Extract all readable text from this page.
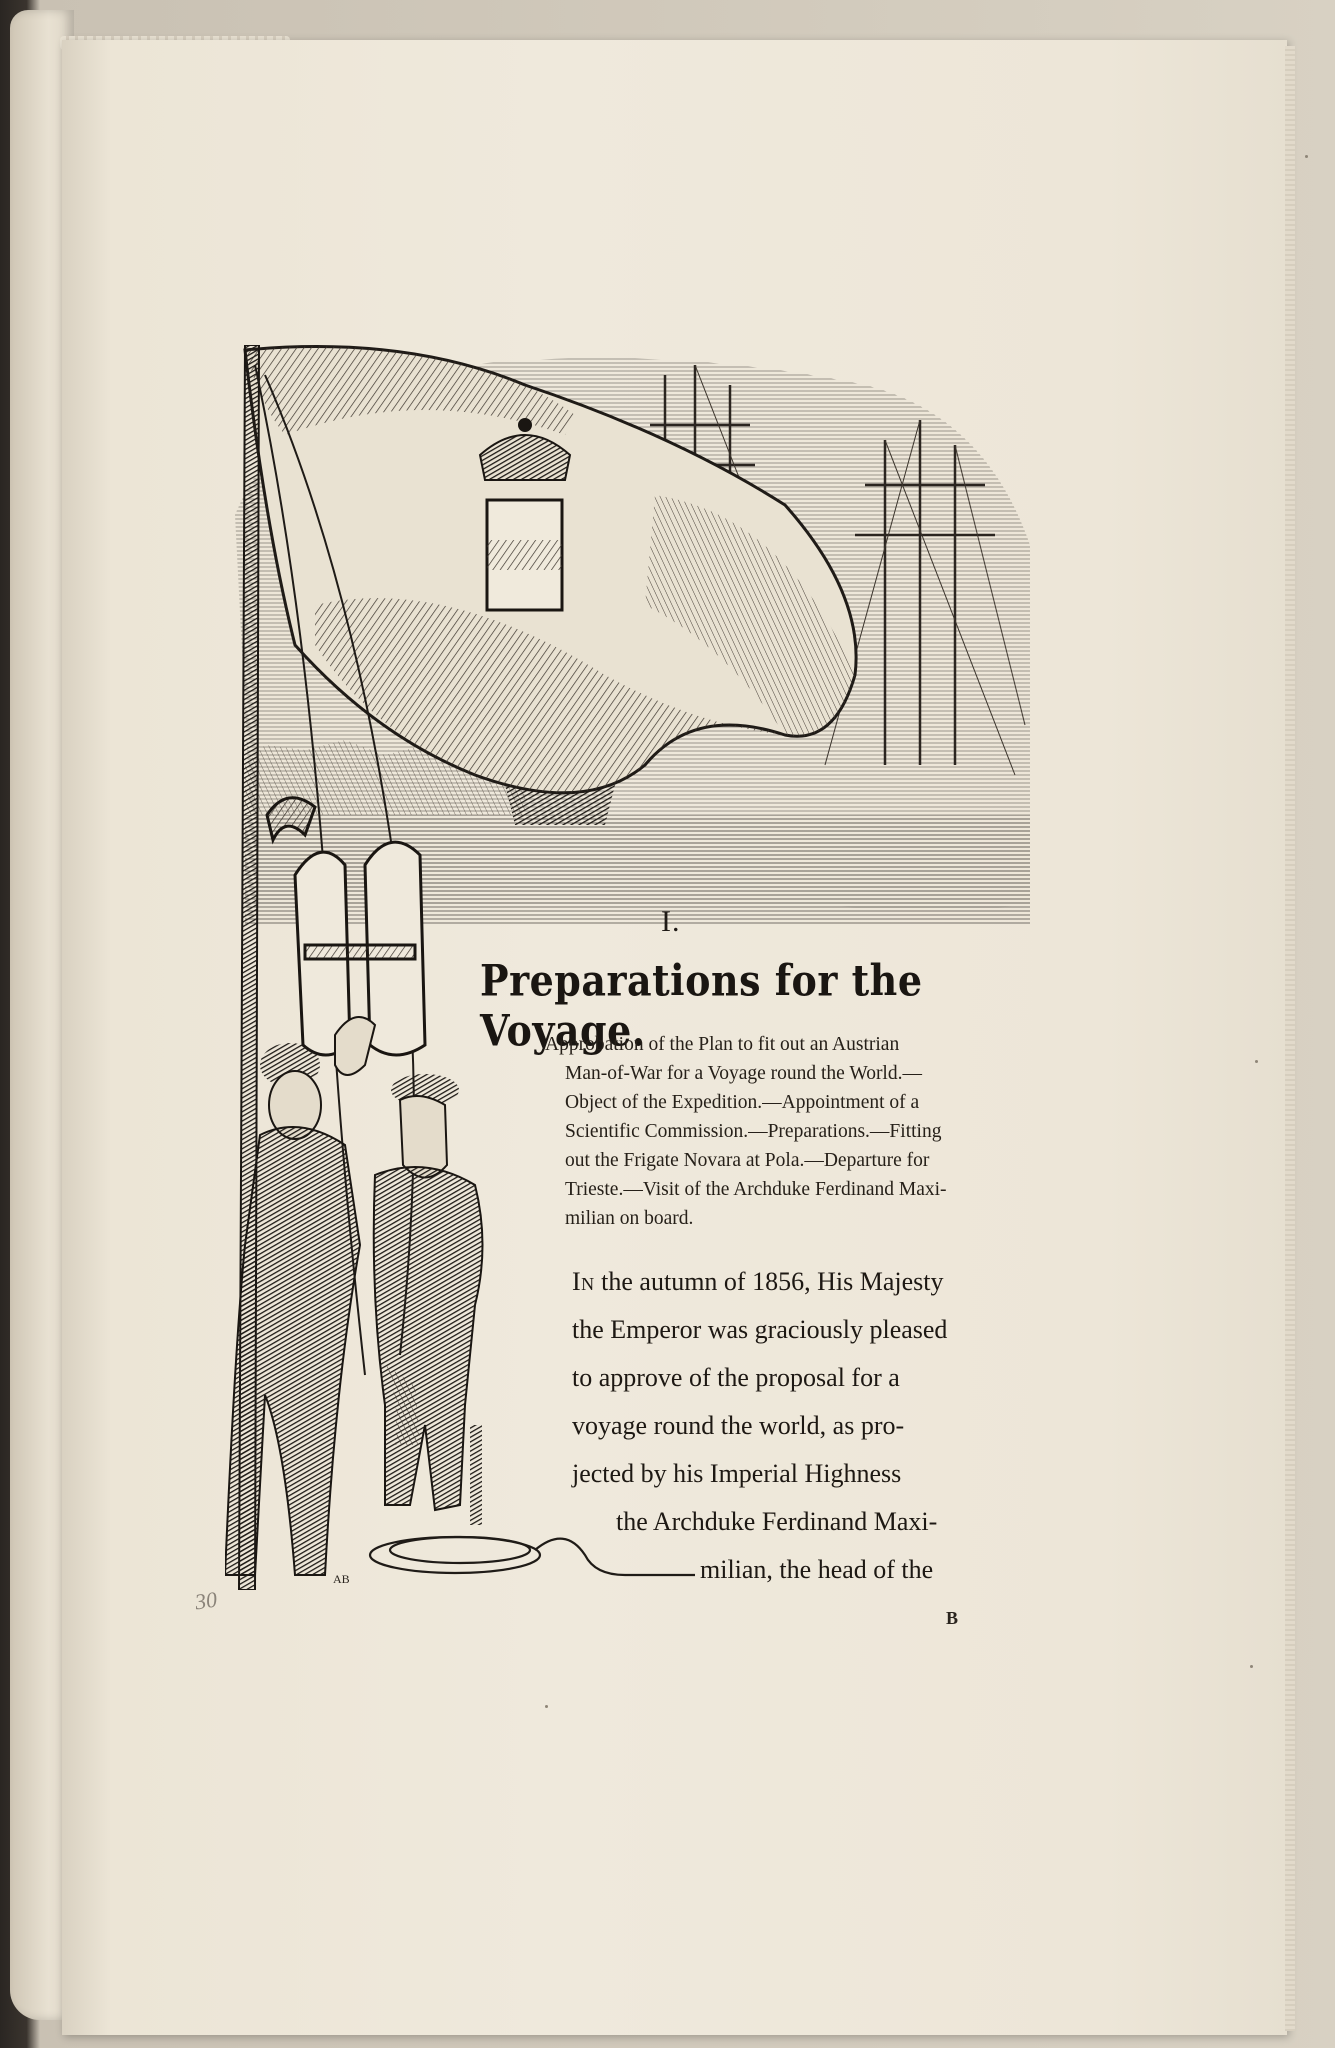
AB
I.
Preparations for the Voyage.
Approbation of the Plan to fit out an Austrian
Man-of-War for a Voyage round the World.—
Object of the Expedition.—Appointment of a
Scientific Commission.—Preparations.—Fitting
out the Frigate Novara at Pola.—Departure for
Trieste.—Visit of the Archduke Ferdinand Maxi-
milian on board.
In the autumn of 1856, His Majesty
the Emperor was graciously pleased
to approve of the proposal for a
voyage round the world, as pro-
jected by his Imperial Highness
the Archduke Ferdinand Maxi-
milian, the head of the
B
30
